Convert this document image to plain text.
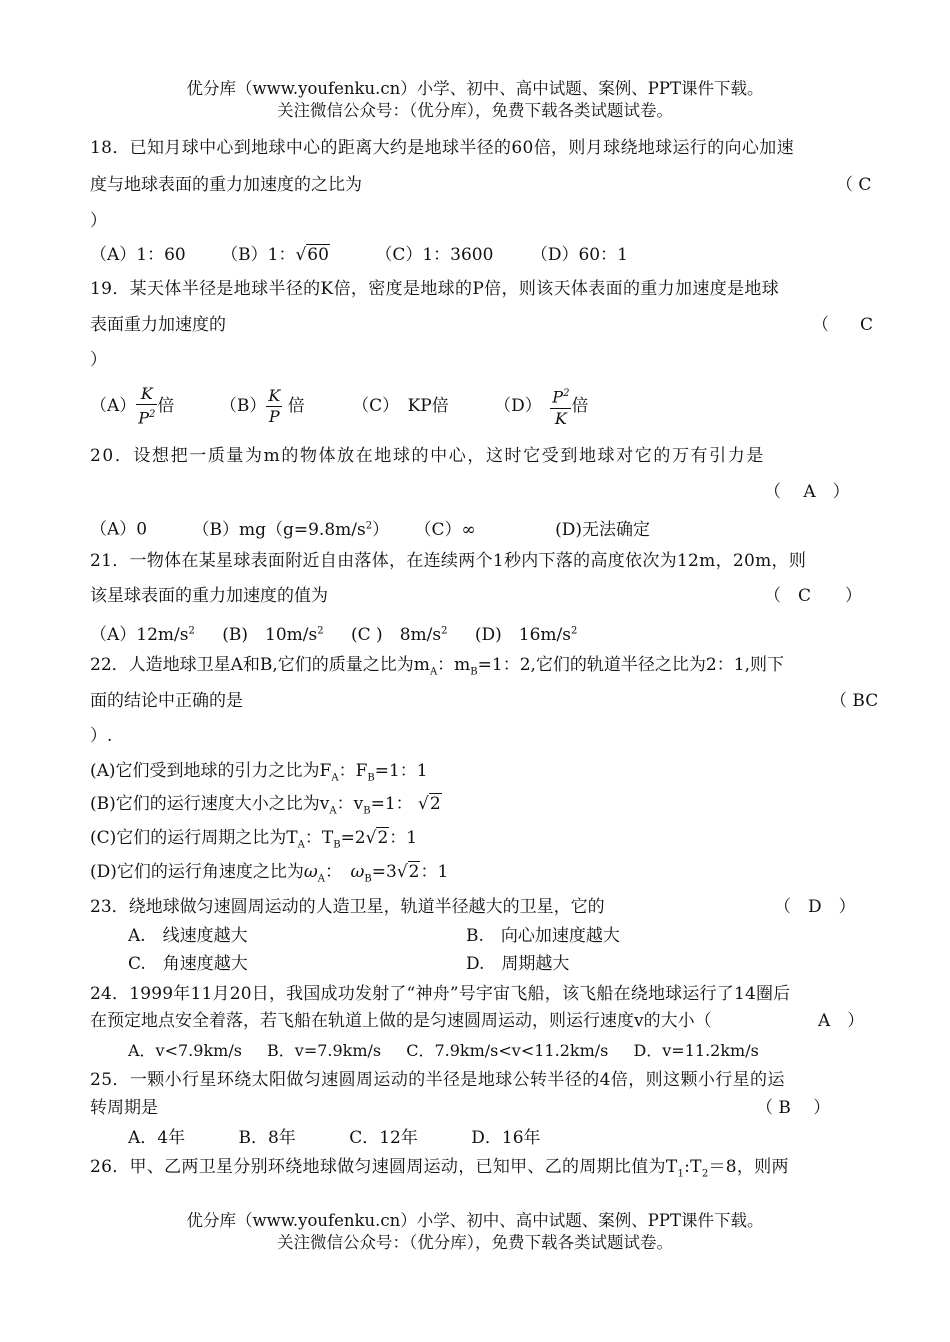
优分库（www.youfenku.cn）小学、初中、高中试题、案例、PPT课件下载。
关注微信公众号：（优分库），免费下载各类试题试卷。
18．已知月球中心到地球中心的距离大约是地球半径的60倍，则月球绕地球运行的向心加速
度与地球表面的重力加速度的之比为	（ C
）
（A）1：60 （B）1：√60	（C）1：3600 （D）60：1
19．某天体半径是地球半径的K倍，密度是地球的P倍，则该天体表面的重力加速度是地球
表面重力加速度的	（ C
）
$(A) \frac{K}{P^2}$ 倍	$(B) \frac{K}{P}$ 倍	（C）　KP倍	（D）　 $\frac{P^2}{K}$ 倍
20．设想把一质量为m的物体放在地球的中心，这时它受到地球对它的万有引力是
（　 A　）
（A）0	$(B)mg(g=9.8m/s^2)$ （C）∞	(D)无法确定
21．一物体在某星球表面附近自由落体，在连续两个1秒内下落的高度依次为12m，20m，则
该星球表面的重力加速度的值为	（　C　　）
$(A)12m/s^2$ (B)　$10m/s^2$ (C )　$8m/s^2$ (D)　$16m/s^2$
22．人造地球卫星A和B,它们的质量之比为$m_A$：$m_B=1$：2,它们的轨道半径之比为2：1,则下
面的结论中正确的是	（ BC
）.
(A)它们受到地球的引力之比为$F_A$：$F_B=1$：1
(B)它们的运行速度大小之比为$v_A$：$v_B=1$： √2
(C)它们的运行周期之比为$T_A$：$T_B=2√2$：1
(D)它们的运行角速度之比为$\omega_A$：　 $\omega_B=3√2$：1
23．绕地球做匀速圆周运动的人造卫星，轨道半径越大的卫星，它的	（　D　）
A.　线速度越大	B.　向心加速度越大
C.　角速度越大	D.　周期越大
24．1999年11月20日，我国成功发射了“神舟”号宇宙飞船，该飞船在绕地球运行了14圈后
在预定地点安全着落，若飞船在轨道上做的是匀速圆周运动，则运行速度v的大小（	A　）
A．v<7.9km/s B．v=7.9km/s C．7.9km/s<v<11.2km/s D．v=11.2km/s
25．一颗小行星环绕太阳做匀速圆周运动的半径是地球公转半径的4倍，则这颗小行星的运
转周期是	（ B　 ）
A．4年	B．8年	C．12年	D．16年
26．甲、乙两卫星分别环绕地球做匀速圆周运动，已知甲、乙的周期比值为$T_1:T_2=8$，则两
优分库（www.youfenku.cn）小学、初中、高中试题、案例、PPT课件下载。
关注微信公众号：（优分库），免费下载各类试题试卷。
